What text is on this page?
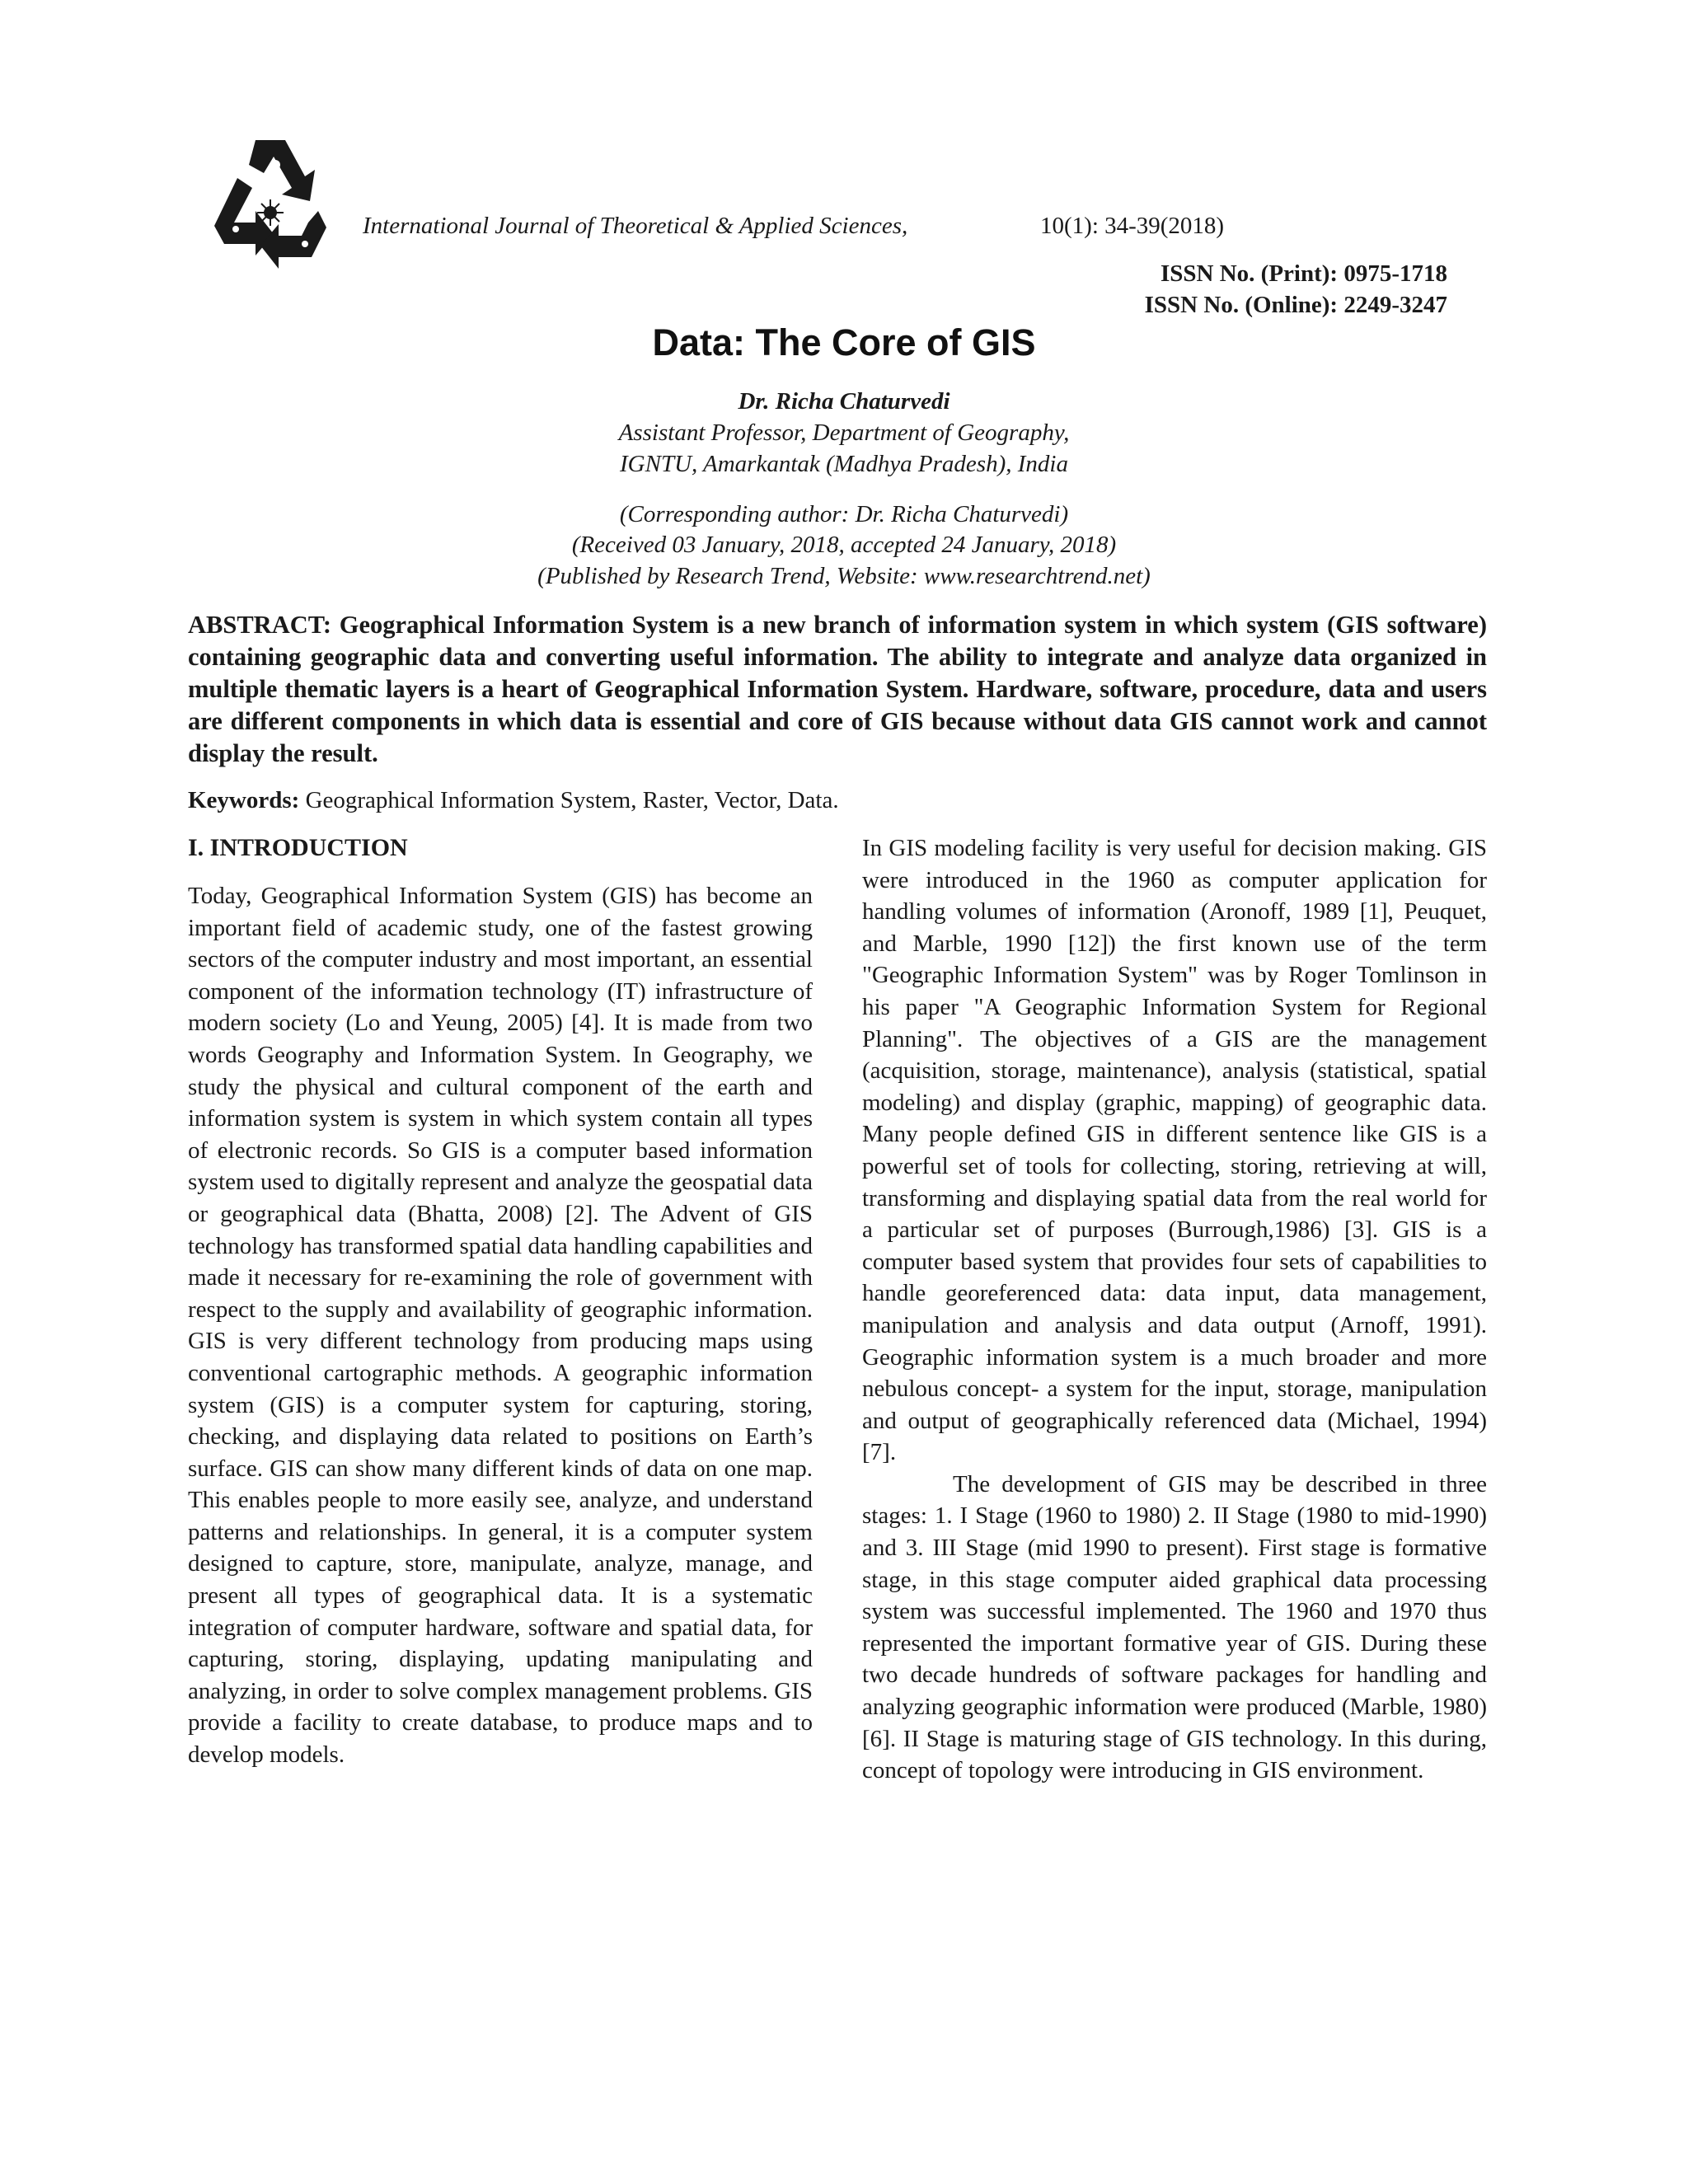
International Journal of Theoretical & Applied Sciences,	10(1): 34-39(2018)
ISSN No. (Print): 0975-1718
ISSN No. (Online): 2249-3247
Data: The Core of GIS
Dr. Richa Chaturvedi
Assistant Professor, Department of Geography,
IGNTU, Amarkantak (Madhya Pradesh), India
(Corresponding author: Dr. Richa Chaturvedi)
(Received 03 January, 2018, accepted 24 January, 2018)
(Published by Research Trend, Website: www.researchtrend.net)
ABSTRACT: Geographical Information System is a new branch of information system in which system (GIS software) containing geographic data and converting useful information. The ability to integrate and analyze data organized in multiple thematic layers is a heart of Geographical Information System. Hardware, software, procedure, data and users are different components in which data is essential and core of GIS because without data GIS cannot work and cannot display the result.
Keywords: Geographical Information System, Raster, Vector, Data.
I. INTRODUCTION

Today, Geographical Information System (GIS) has become an important field of academic study, one of the fastest growing sectors of the computer industry and most important, an essential component of the information technology (IT) infrastructure of modern society (Lo and Yeung, 2005) [4]. It is made from two words Geography and Information System. In Geography, we study the physical and cultural component of the earth and information system is system in which system contain all types of electronic records. So GIS is a computer based information system used to digitally represent and analyze the geospatial data or geographical data (Bhatta, 2008) [2]. The Advent of GIS technology has transformed spatial data handling capabilities and made it necessary for re-examining the role of government with respect to the supply and availability of geographic information. GIS is very different technology from producing maps using conventional cartographic methods. A geographic information system (GIS) is a computer system for capturing, storing, checking, and displaying data related to positions on Earth’s surface. GIS can show many different kinds of data on one map. This enables people to more easily see, analyze, and understand patterns and relationships. In general, it is a computer system designed to capture, store, manipulate, analyze, manage, and present all types of geographical data. It is a systematic integration of computer hardware, software and spatial data, for capturing, storing, displaying, updating manipulating and analyzing, in order to solve complex management problems. GIS provide a facility to create database, to produce maps and to develop models.

In GIS modeling facility is very useful for decision making. GIS were introduced in the 1960 as computer application for handling volumes of information (Aronoff, 1989 [1], Peuquet, and Marble, 1990 [12]) the first known use of the term "Geographic Information System" was by Roger Tomlinson in his paper "A Geographic Information System for Regional Planning". The objectives of a GIS are the management (acquisition, storage, maintenance), analysis (statistical, spatial modeling) and display (graphic, mapping) of geographic data. Many people defined GIS in different sentence like GIS is a powerful set of tools for collecting, storing, retrieving at will, transforming and displaying spatial data from the real world for a particular set of purposes (Burrough,1986) [3]. GIS is a computer based system that provides four sets of capabilities to handle georeferenced data: data input, data management, manipulation and analysis and data output (Arnoff, 1991). Geographic information system is a much broader and more nebulous concept- a system for the input, storage, manipulation and output of geographically referenced data (Michael, 1994) [7].

The development of GIS may be described in three stages: 1. I Stage (1960 to 1980) 2. II Stage (1980 to mid-1990) and 3. III Stage (mid 1990 to present). First stage is formative stage, in this stage computer aided graphical data processing system was successful implemented. The 1960 and 1970 thus represented the important formative year of GIS. During these two decade hundreds of software packages for handling and analyzing geographic information were produced (Marble, 1980) [6]. II Stage is maturing stage of GIS technology. In this during, concept of topology were introducing in GIS environment.
